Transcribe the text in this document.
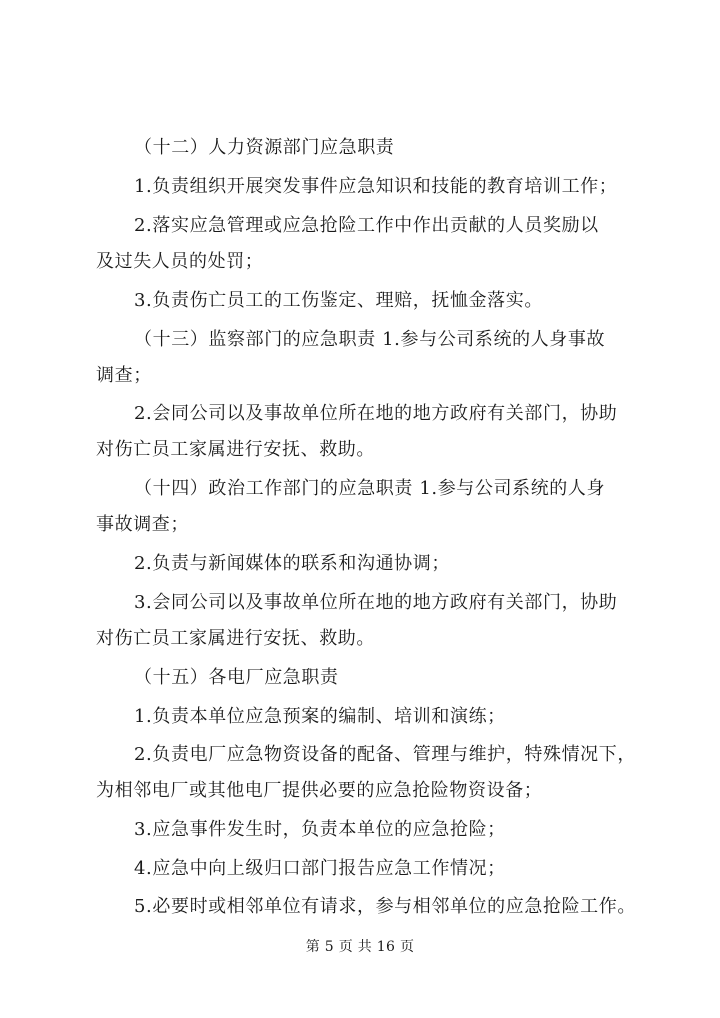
（十二）人力资源部门应急职责
1.负责组织开展突发事件应急知识和技能的教育培训工作；
2.落实应急管理或应急抢险工作中作出贡献的人员奖励以
及过失人员的处罚；
3.负责伤亡员工的工伤鉴定、理赔，抚恤金落实。
（十三）监察部门的应急职责 1.参与公司系统的人身事故
调查；
2.会同公司以及事故单位所在地的地方政府有关部门，协助
对伤亡员工家属进行安抚、救助。
（十四）政治工作部门的应急职责 1.参与公司系统的人身
事故调查；
2.负责与新闻媒体的联系和沟通协调；
3.会同公司以及事故单位所在地的地方政府有关部门，协助
对伤亡员工家属进行安抚、救助。
（十五）各电厂应急职责
1.负责本单位应急预案的编制、培训和演练；
2.负责电厂应急物资设备的配备、管理与维护，特殊情况下，
为相邻电厂或其他电厂提供必要的应急抢险物资设备；
3.应急事件发生时，负责本单位的应急抢险；
4.应急中向上级归口部门报告应急工作情况；
5.必要时或相邻单位有请求，参与相邻单位的应急抢险工作。
第 5 页 共 16 页
